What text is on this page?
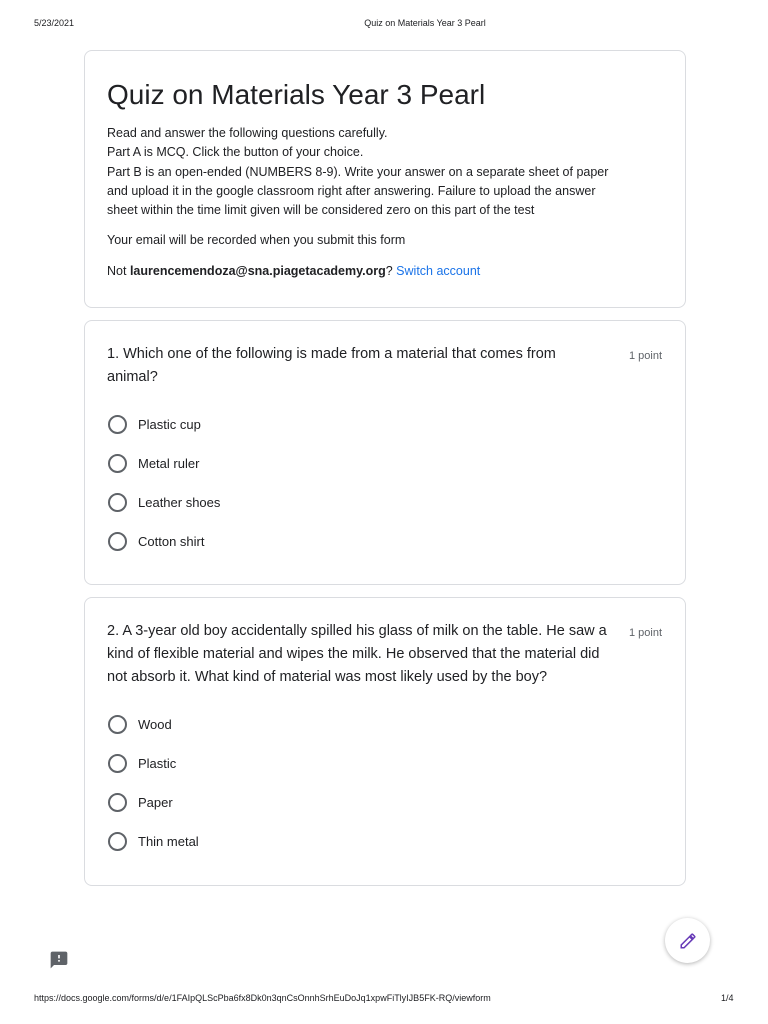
5/23/2021	Quiz on Materials Year 3 Pearl
Quiz on Materials Year 3 Pearl
Read and answer the following questions carefully.
Part A is MCQ. Click the button of your choice.
Part B is an open-ended (NUMBERS 8-9). Write your answer on a separate sheet of paper
and upload it in the google classroom right after answering. Failure to upload the answer
sheet within the time limit given will be considered zero on this part of the test
Your email will be recorded when you submit this form
Not laurencemendoza@sna.piagetacademy.org? Switch account
1. Which one of the following is made from a material that comes from animal?
1 point
Plastic cup
Metal ruler
Leather shoes
Cotton shirt
2. A 3-year old boy accidentally spilled his glass of milk on the table. He saw a kind of flexible material and wipes the milk. He observed that the material did not absorb it. What kind of material was most likely used by the boy?
1 point
Wood
Plastic
Paper
Thin metal
https://docs.google.com/forms/d/e/1FAIpQLScPba6fx8Dk0n3qnCsOnnhSrhEuDoJq1xpwFiTlyIJB5FK-RQ/viewform	1/4
